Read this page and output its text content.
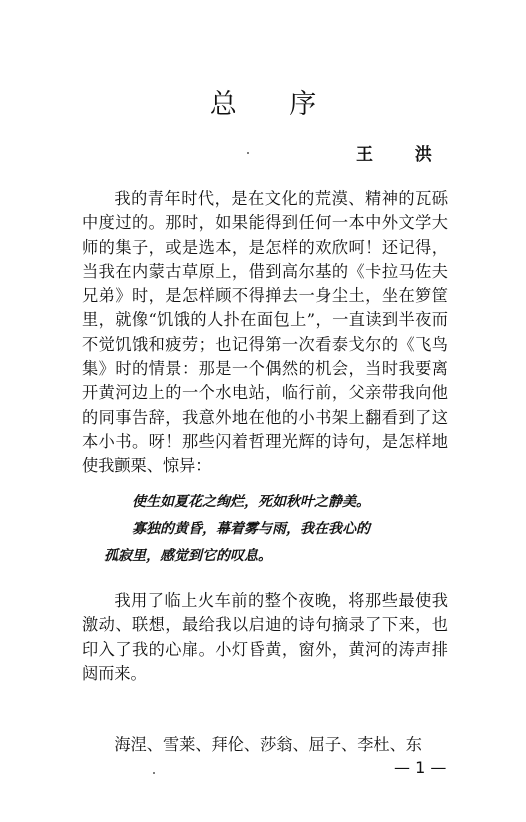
总 序
王 洪

我的青年时代，是在文化的荒漠、精神的瓦砾中度过的。那时，如果能得到任何一本中外文学大师的集子，或是选本，是怎样的欢欣呵！还记得，当我在内蒙古草原上，借到高尔基的《卡拉马佐夫兄弟》时，是怎样顾不得掸去一身尘土，坐在箩筐里，就像“饥饿的人扑在面包上”，一直读到半夜而不觉饥饿和疲劳；也记得第一次看泰戈尔的《飞鸟集》时的情景：那是一个偶然的机会，当时我要离开黄河边上的一个水电站，临行前，父亲带我向他的同事告辞，我意外地在他的小书架上翻看到了这本小书。呀！那些闪着哲理光辉的诗句，是怎样地使我颤栗、惊异：

使生如夏花之绚烂，死如秋叶之静美。
寡独的黄昏，幕着雾与雨，我在我心的
孤寂里，感觉到它的叹息。

我用了临上火车前的整个夜晚，将那些最使我激动、联想，最给我以启迪的诗句摘录了下来，也印入了我的心扉。小灯昏黄，窗外，黄河的涛声排闼而来。

海涅、雪莱、拜伦、莎翁、屈子、李杜、东
— 1 —
